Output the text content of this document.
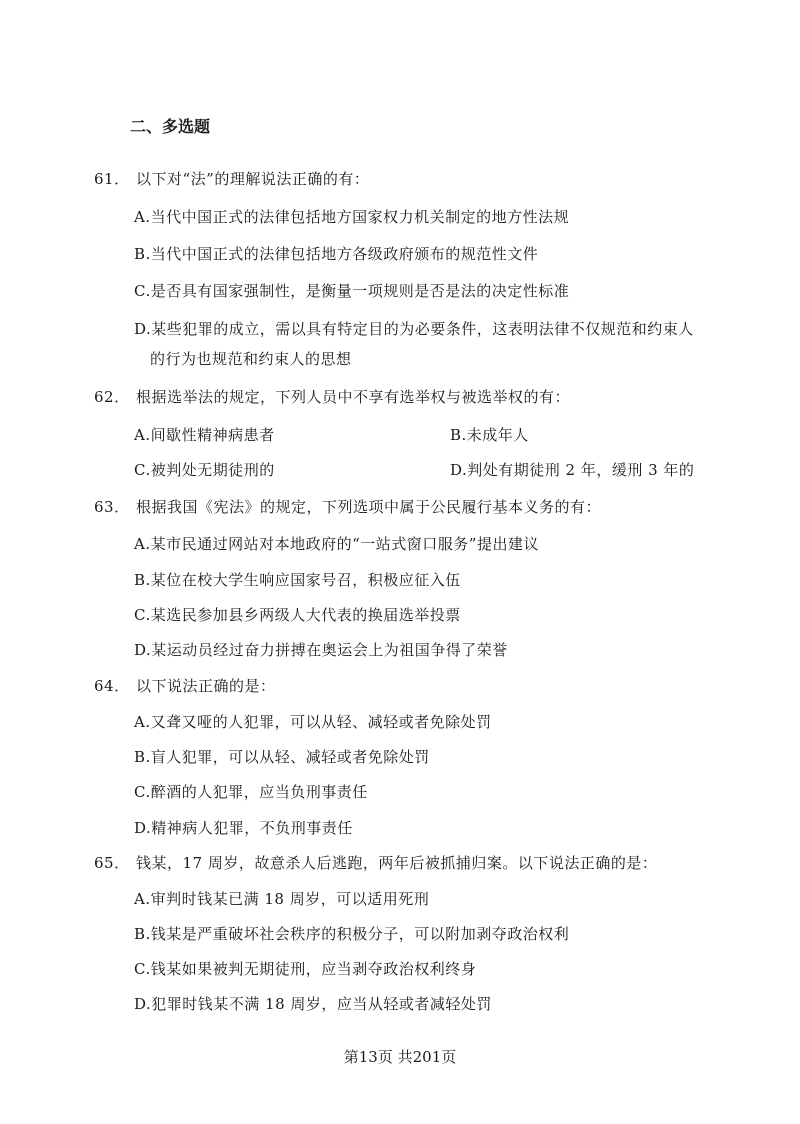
二、多选题
61． 以下对“法”的理解说法正确的有：
A.当代中国正式的法律包括地方国家权力机关制定的地方性法规
B.当代中国正式的法律包括地方各级政府颁布的规范性文件
C.是否具有国家强制性，是衡量一项规则是否是法的决定性标准
D.某些犯罪的成立，需以具有特定目的为必要条件，这表明法律不仅规范和约束人
的行为也规范和约束人的思想
62． 根据选举法的规定，下列人员中不享有选举权与被选举权的有：
A.间歇性精神病患者	B.未成年人
C.被判处无期徒刑的	D.判处有期徒刑 2 年，缓刑 3 年的
63． 根据我国《宪法》的规定，下列选项中属于公民履行基本义务的有：
A.某市民通过网站对本地政府的“一站式窗口服务”提出建议
B.某位在校大学生响应国家号召，积极应征入伍
C.某选民参加县乡两级人大代表的换届选举投票
D.某运动员经过奋力拼搏在奥运会上为祖国争得了荣誉
64． 以下说法正确的是：
A.又聋又哑的人犯罪，可以从轻、减轻或者免除处罚
B.盲人犯罪，可以从轻、减轻或者免除处罚
C.醉酒的人犯罪，应当负刑事责任
D.精神病人犯罪，不负刑事责任
65． 钱某，17 周岁，故意杀人后逃跑，两年后被抓捕归案。以下说法正确的是：
A.审判时钱某已满 18 周岁，可以适用死刑
B.钱某是严重破坏社会秩序的积极分子，可以附加剥夺政治权利
C.钱某如果被判无期徒刑，应当剥夺政治权利终身
D.犯罪时钱某不满 18 周岁，应当从轻或者减轻处罚
第13页 共201页
